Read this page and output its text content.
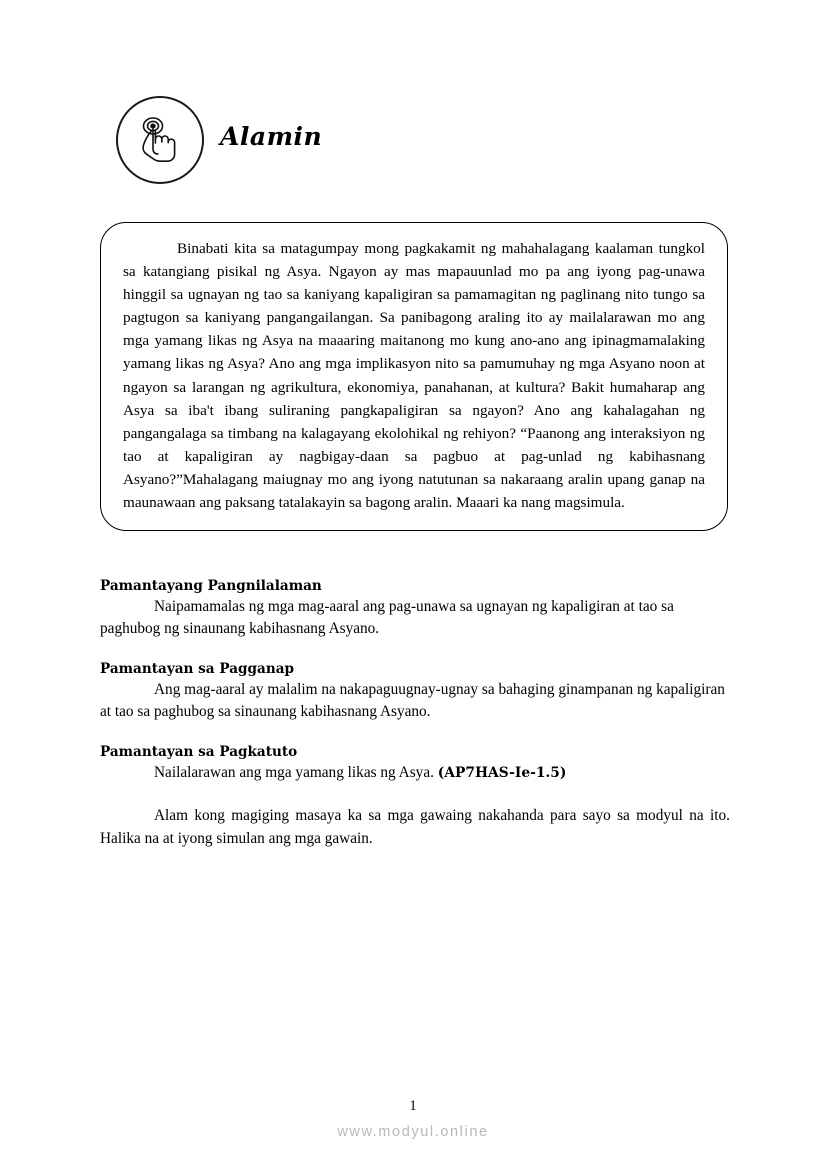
Alamin

Binabati kita sa matagumpay mong pagkakamit ng mahahalagang kaalaman tungkol sa katangiang pisikal ng Asya. Ngayon ay mas mapauunlad mo pa ang iyong pag-unawa hinggil sa ugnayan ng tao sa kaniyang kapaligiran sa pamamagitan ng paglinang nito tungo sa pagtugon sa kaniyang pangangailangan. Sa panibagong araling ito ay mailalarawan mo ang mga yamang likas ng Asya na maaaring maitanong mo kung ano-ano ang ipinagmamalaking yamang likas ng Asya? Ano ang mga implikasyon nito sa pamumuhay ng mga Asyano noon at ngayon sa larangan ng agrikultura, ekonomiya, panahanan, at kultura? Bakit humaharap ang Asya sa iba't ibang suliraning pangkapaligiran sa ngayon? Ano ang kahalagahan ng pangangalaga sa timbang na kalagayang ekolohikal ng rehiyon? “Paanong ang interaksiyon ng tao at kapaligiran ay nagbigay-daan sa pagbuo at pag-unlad ng kabihasnang Asyano?”Mahalagang maiugnay mo ang iyong natutunan sa nakaraang aralin upang ganap na maunawaan ang paksang tatalakayin sa bagong aralin. Maaari ka nang magsimula.

Pamantayang Pangnilalaman

Naipamamalas ng mga mag-aaral ang pag-unawa sa ugnayan ng kapaligiran at tao sa paghubog ng sinaunang kabihasnang Asyano.

Pamantayan sa Pagganap

Ang mag-aaral ay malalim na nakapaguugnay-ugnay sa bahaging ginampanan ng kapaligiran at tao sa paghubog sa sinaunang kabihasnang Asyano.

Pamantayan sa Pagkatuto

Nailalarawan ang mga yamang likas ng Asya. (AP7HAS-Ie-1.5)

Alam kong magiging masaya ka sa mga gawaing nakahanda para sayo sa modyul na ito. Halika na at iyong simulan ang mga gawain.

1
www.modyul.online
